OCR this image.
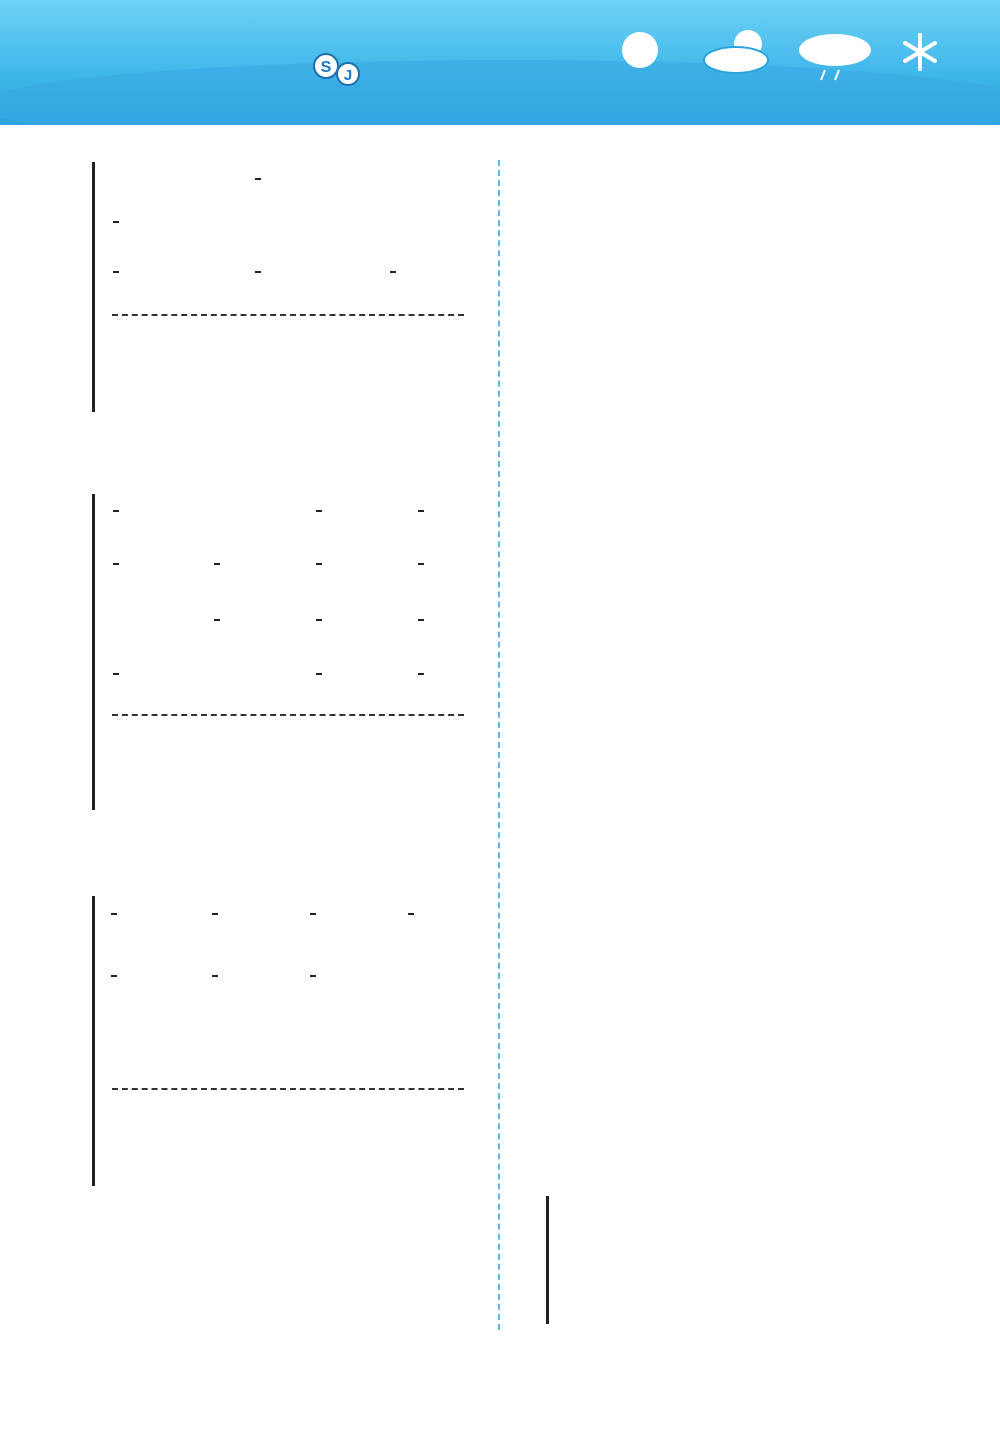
S J
